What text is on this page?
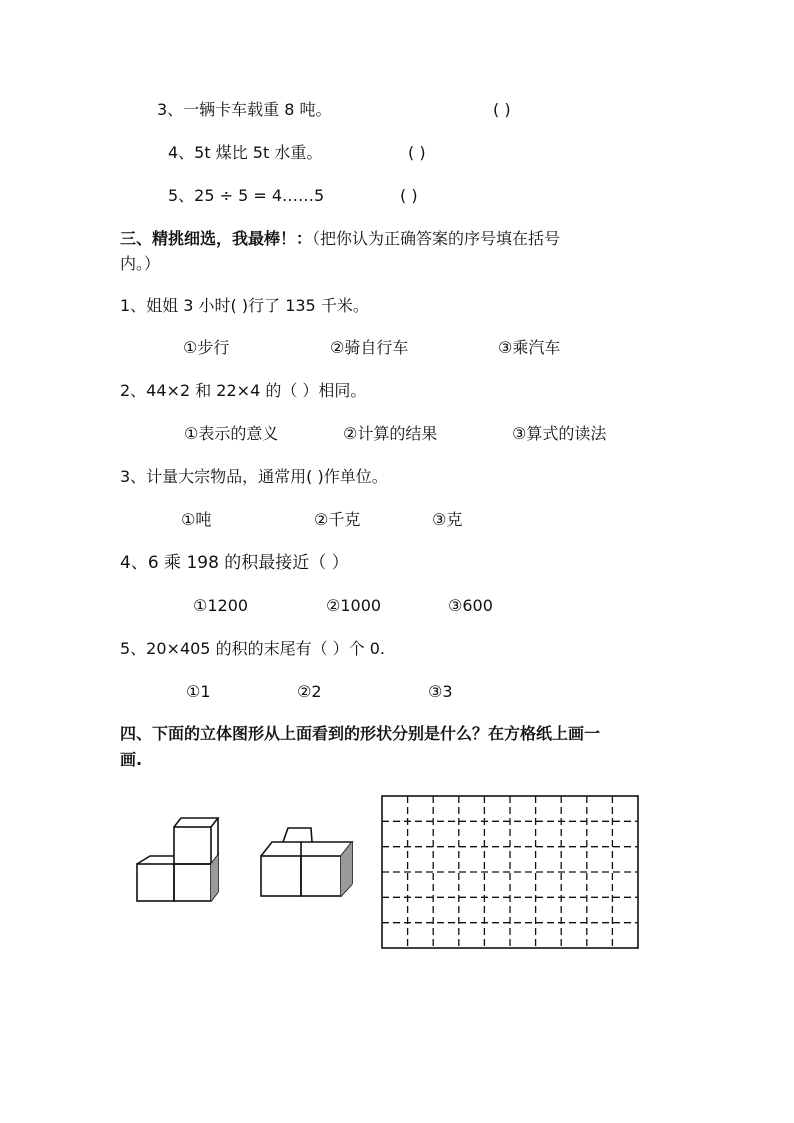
3、一辆卡车载重 8 吨。	( )
4、5t 煤比 5t 水重。	( )
5、25 ÷ 5 = 4……5	( )
三、精挑细选，我最棒！：（把你认为正确答案的序号填在括号
内。）
1、姐姐 3 小时( )行了 135 千米。
①步行	②骑自行车	③乘汽车
2、44×2 和 22×4 的（ ）相同。
①表示的意义	②计算的结果	③算式的读法
3、计量大宗物品，通常用( )作单位。
①吨	②千克	③克
4、6 乘 198 的积最接近（ ）
①1200	②1000	③600
5、20×405 的积的末尾有（ ）个 0.
①1	②2	③3
四、下面的立体图形从上面看到的形状分别是什么？在方格纸上画一
画.
